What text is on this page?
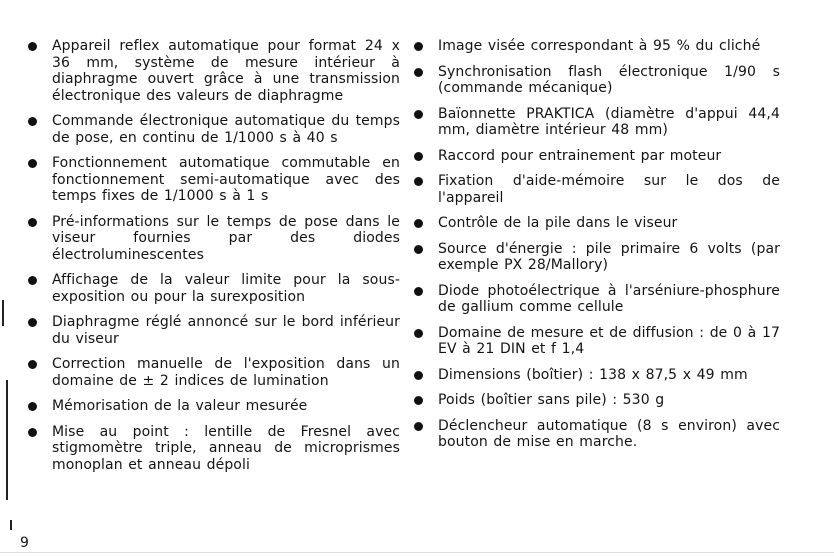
Appareil reflex automatique pour format 24 x 36 mm, système de mesure intérieur à diaphragme ouvert grâce à une transmission électronique des valeurs de diaphragme
Commande électronique automatique du temps de pose, en continu de 1/1000 s à 40 s
Fonctionnement automatique commutable en fonctionnement semi-automatique avec des temps fixes de 1/1000 s à 1 s
Pré-informations sur le temps de pose dans le viseur fournies par des diodes électroluminescentes
Affichage de la valeur limite pour la sous-exposition ou pour la surexposition
Diaphragme réglé annoncé sur le bord inférieur du viseur
Correction manuelle de l'exposition dans un domaine de ± 2 indices de lumination
Mémorisation de la valeur mesurée
Mise au point : lentille de Fresnel avec stigmomètre triple, anneau de microprismes monoplan et anneau dépoli
Image visée correspondant à 95 % du cliché
Synchronisation flash électronique 1/90 s (commande mécanique)
Baïonnette PRAKTICA (diamètre d'appui 44,4 mm, diamètre intérieur 48 mm)
Raccord pour entrainement par moteur
Fixation d'aide-mémoire sur le dos de l'appareil
Contrôle de la pile dans le viseur
Source d'énergie : pile primaire 6 volts (par exemple PX 28/Mallory)
Diode photoélectrique à l'arséniure-phosphure de gallium comme cellule
Domaine de mesure et de diffusion : de 0 à 17 EV à 21 DIN et f 1,4
Dimensions (boîtier) : 138 x 87,5 x 49 mm
Poids (boîtier sans pile) : 530 g
Déclencheur automatique (8 s environ) avec bouton de mise en marche.
9
